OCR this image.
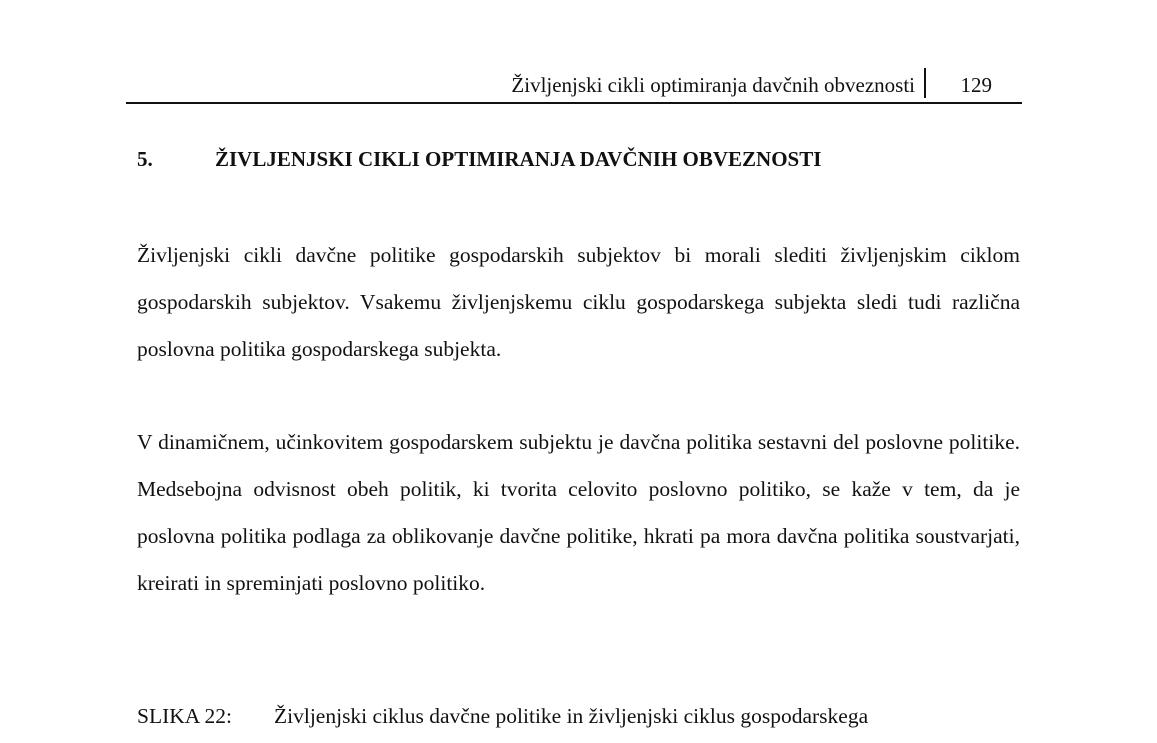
Življenjski cikli optimiranja davčnih obveznosti 129
5.	ŽIVLJENJSKI CIKLI OPTIMIRANJA DAVČNIH OBVEZNOSTI

Življenjski cikli davčne politike gospodarskih subjektov bi morali slediti življenjskim ciklom gospodarskih subjektov. Vsakemu življenjskemu ciklu gospodarskega subjekta sledi tudi različna poslovna politika gospodarskega subjekta.

V dinamičnem, učinkovitem gospodarskem subjektu je davčna politika sestavni del poslovne politike. Medsebojna odvisnost obeh politik, ki tvorita celovito poslovno politiko, se kaže v tem, da je poslovna politika podlaga za oblikovanje davčne politike, hkrati pa mora davčna politika soustvarjati, kreirati in spreminjati poslovno politiko.

SLIKA 22: Življenjski ciklus davčne politike in življenjski ciklus gospodarskega
